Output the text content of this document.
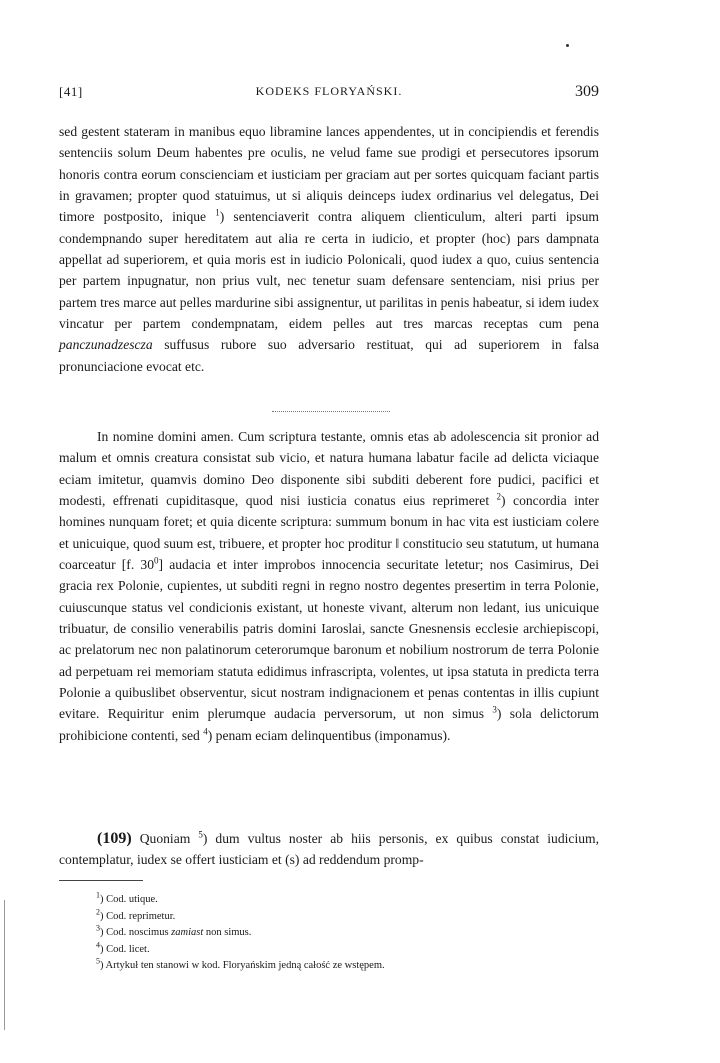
[41]	KODEKS FLORYAŃSKI.	309

sed gestent stateram in manibus equo libramine lances appendentes, ut in concipiendis et ferendis sentenciis solum Deum habentes pre oculis, ne velud fame sue prodigi et persecutores ipsorum honoris contra eorum conscienciam et iusticiam per graciam aut per sortes quicquam faciant partis in gravamen; propter quod statuimus, ut si aliquis deinceps iudex ordinarius vel delegatus, Dei timore postposito, inique $^1$) sentenciaverit contra aliquem clienticulum, alteri parti ipsum condempnando super hereditatem aut alia re certa in iudicio, et propter (hoc) pars dampnata appellat ad superiorem, et quia moris est in iudicio Polonicali, quod iudex a quo, cuius sentencia per partem inpugnatur, non prius vult, nec tenetur suam defensare sentenciam, nisi prius per partem tres marce aut pelles mardurine sibi assignentur, ut parilitas in penis habeatur, si idem iudex vincatur per partem condempnatam, eidem pelles aut tres marcas receptas cum pena panczunadzescza suffusus rubore suo adversario restituat, qui ad superiorem in falsa pronunciacione evocat etc.

In nomine domini amen. Cum scriptura testante, omnis etas ab adolescencia sit pronior ad malum et omnis creatura consistat sub vicio, et natura humana labatur facile ad delicta viciaque eciam imitetur, quamvis domino Deo disponente sibi subditi deberent fore pudici, pacifici et modesti, effrenati cupiditasque, quod nisi iusticia conatus eius reprimeret $^2$) concordia inter homines nunquam foret; et quia dicente scriptura: summum bonum in hac vita est iusticiam colere et unicuique, quod suum est, tribuere, et propter hoc proditur ‖ constitucio seu statutum, ut humana coarceatur [f. $30^0$] audacia et inter improbos innocencia securitate letetur; nos Casimirus, Dei gracia rex Polonie, cupientes, ut subditi regni in regno nostro degentes presertim in terra Polonie, cuiuscunque status vel condicionis existant, ut honeste vivant, alterum non ledant, ius unicuique tribuatur, de consilio venerabilis patris domini Iaroslai, sancte Gnesnensis ecclesie archiepiscopi, ac prelatorum nec non palatinorum ceterorumque baronum et nobilium nostrorum de terra Polonie ad perpetuam rei memoriam statuta edidimus infrascripta, volentes, ut ipsa statuta in predicta terra Polonie a quibuslibet observentur, sicut nostram indignacionem et penas contentas in illis cupiunt evitare. Requiritur enim plerumque audacia perversorum, ut non simus $^3$) sola delictorum prohibicione contenti, sed $^4$) penam eciam delinquentibus (imponamus).

(109) Quoniam $^5$) dum vultus noster ab hiis personis, ex quibus constat iudicium, contemplatur, iudex se offert iusticiam et (s) ad reddendum promp-

$^1$) Cod. utique.
$^2$) Cod. reprimetur.
$^3$) Cod. noscimus zamiast non simus.
$^4$) Cod. licet.
$^5$) Artykuł ten stanowi w kod. Floryańskim jedną całość ze wstępem.
